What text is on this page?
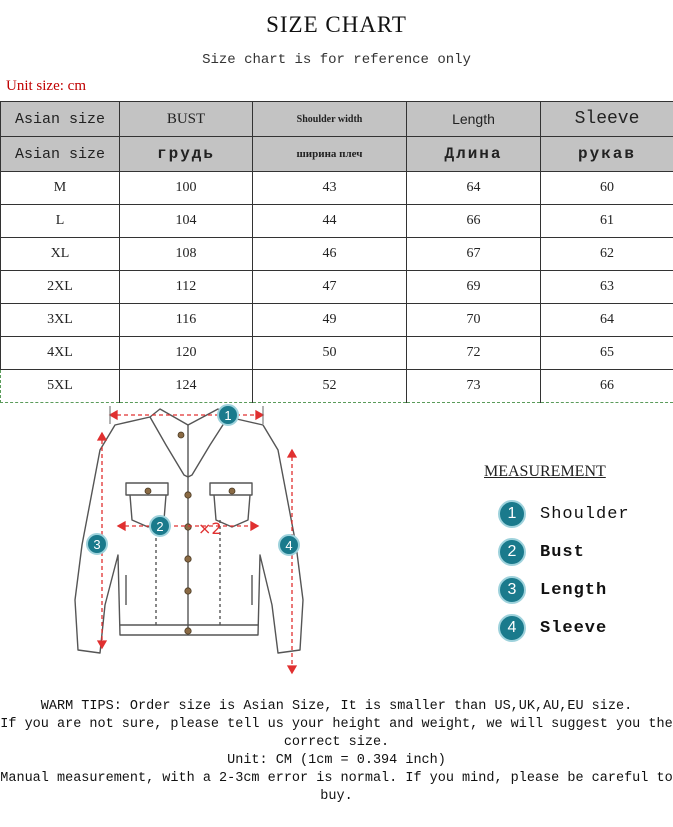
SIZE CHART
Size chart is for reference only
Unit size: cm
Asian size	BUST	Shoulder width	Length	Sleeve
Asian size	грудь	ширина плеч	Длина	рукав
M	100	43	64	60
L	104	44	66	61
XL	108	46	67	62
2XL	112	47	69	63
3XL	116	49	70	64
4XL	120	50	72	65
5XL	124	52	73	66
×2
1
2
3	4
MEASUREMENT
1	Shoulder
2	Bust
3	Length
4	Sleeve
WARM TIPS: Order size is Asian Size, It is smaller than US,UK,AU,EU size.
If you are not sure, please tell us your height and weight, we will suggest you the correct size.
Unit: CM (1cm = 0.394 inch)
Manual measurement, with a 2-3cm error is normal. If you mind, please be careful to buy.
